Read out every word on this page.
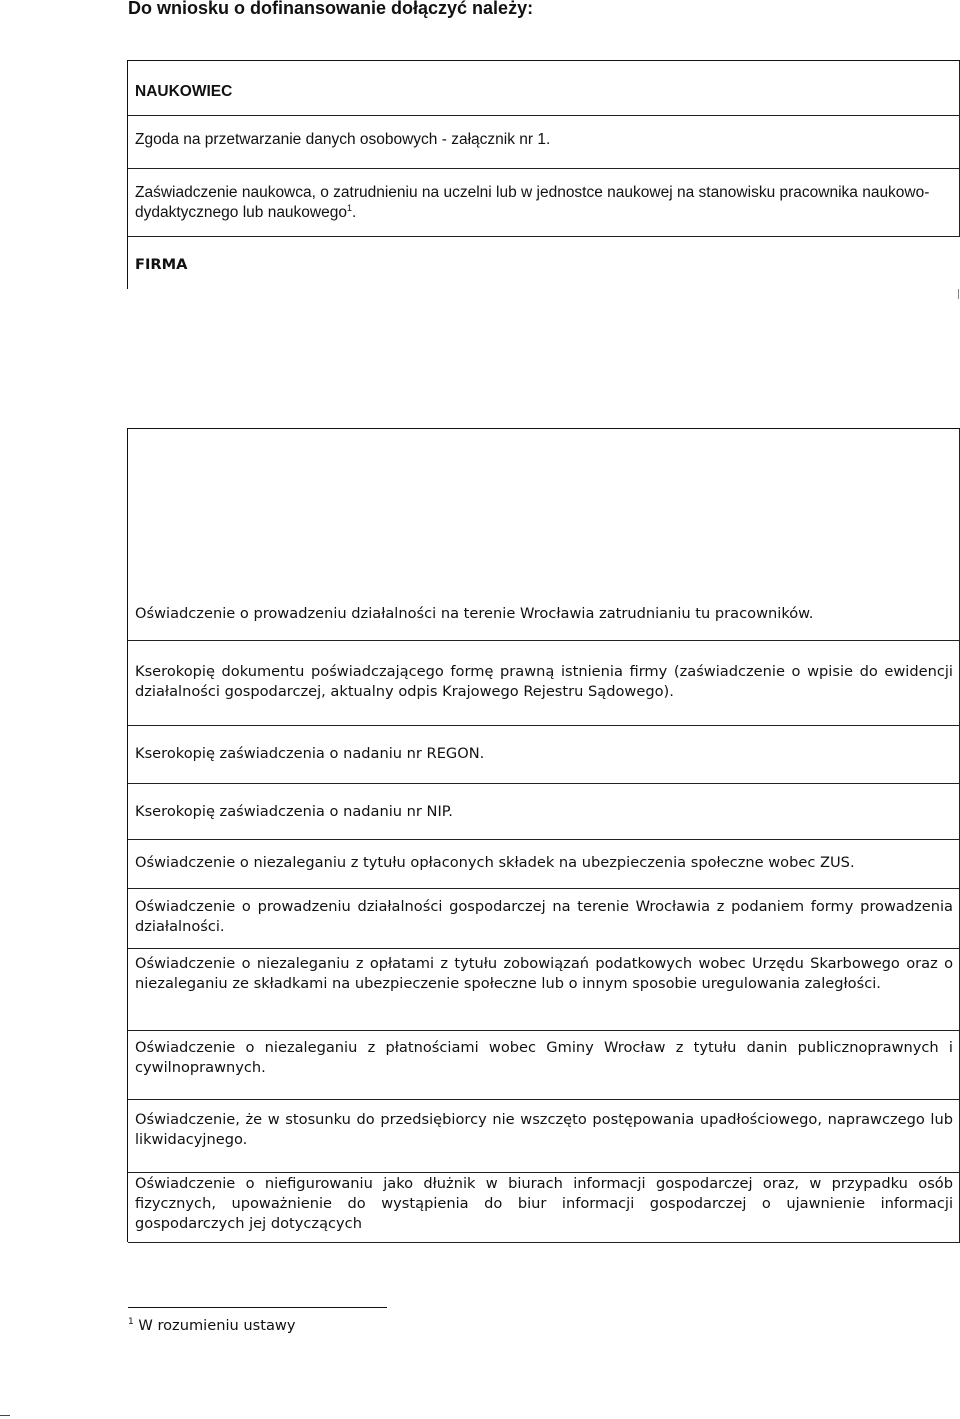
Do wniosku o dofinansowanie dołączyć należy:
NAUKOWIEC
Zgoda na przetwarzanie danych osobowych - załącznik nr 1.
Zaświadczenie naukowca, o zatrudnieniu na uczelni lub w jednostce naukowej na stanowisku pracownika naukowo-dydaktycznego lub naukowego$^1$.
FIRMA
Oświadczenie o prowadzeniu działalności na terenie Wrocławia zatrudnianiu tu pracowników.
Kserokopię dokumentu poświadczającego formę prawną istnienia firmy (zaświadczenie o wpisie do ewidencji działalności gospodarczej, aktualny odpis Krajowego Rejestru Sądowego).
Kserokopię zaświadczenia o nadaniu nr REGON.
Kserokopię zaświadczenia o nadaniu nr NIP.
Oświadczenie o niezaleganiu z tytułu opłaconych składek na ubezpieczenia społeczne wobec ZUS.
Oświadczenie o prowadzeniu działalności gospodarczej na terenie Wrocławia z podaniem formy prowadzenia działalności.
Oświadczenie o niezaleganiu z opłatami z tytułu zobowiązań podatkowych wobec Urzędu Skarbowego oraz o niezaleganiu ze składkami na ubezpieczenie społeczne lub o innym sposobie uregulowania zaległości.
Oświadczenie o niezaleganiu z płatnościami wobec Gminy Wrocław z tytułu danin publicznoprawnych i cywilnoprawnych.
Oświadczenie, że w stosunku do przedsiębiorcy nie wszczęto postępowania upadłościowego, naprawczego lub likwidacyjnego.
Oświadczenie o niefigurowaniu jako dłużnik w biurach informacji gospodarczej oraz, w przypadku osób fizycznych, upoważnienie do wystąpienia do biur informacji gospodarczej o ujawnienie informacji gospodarczych jej dotyczących
$^1$ W rozumieniu ustawy
